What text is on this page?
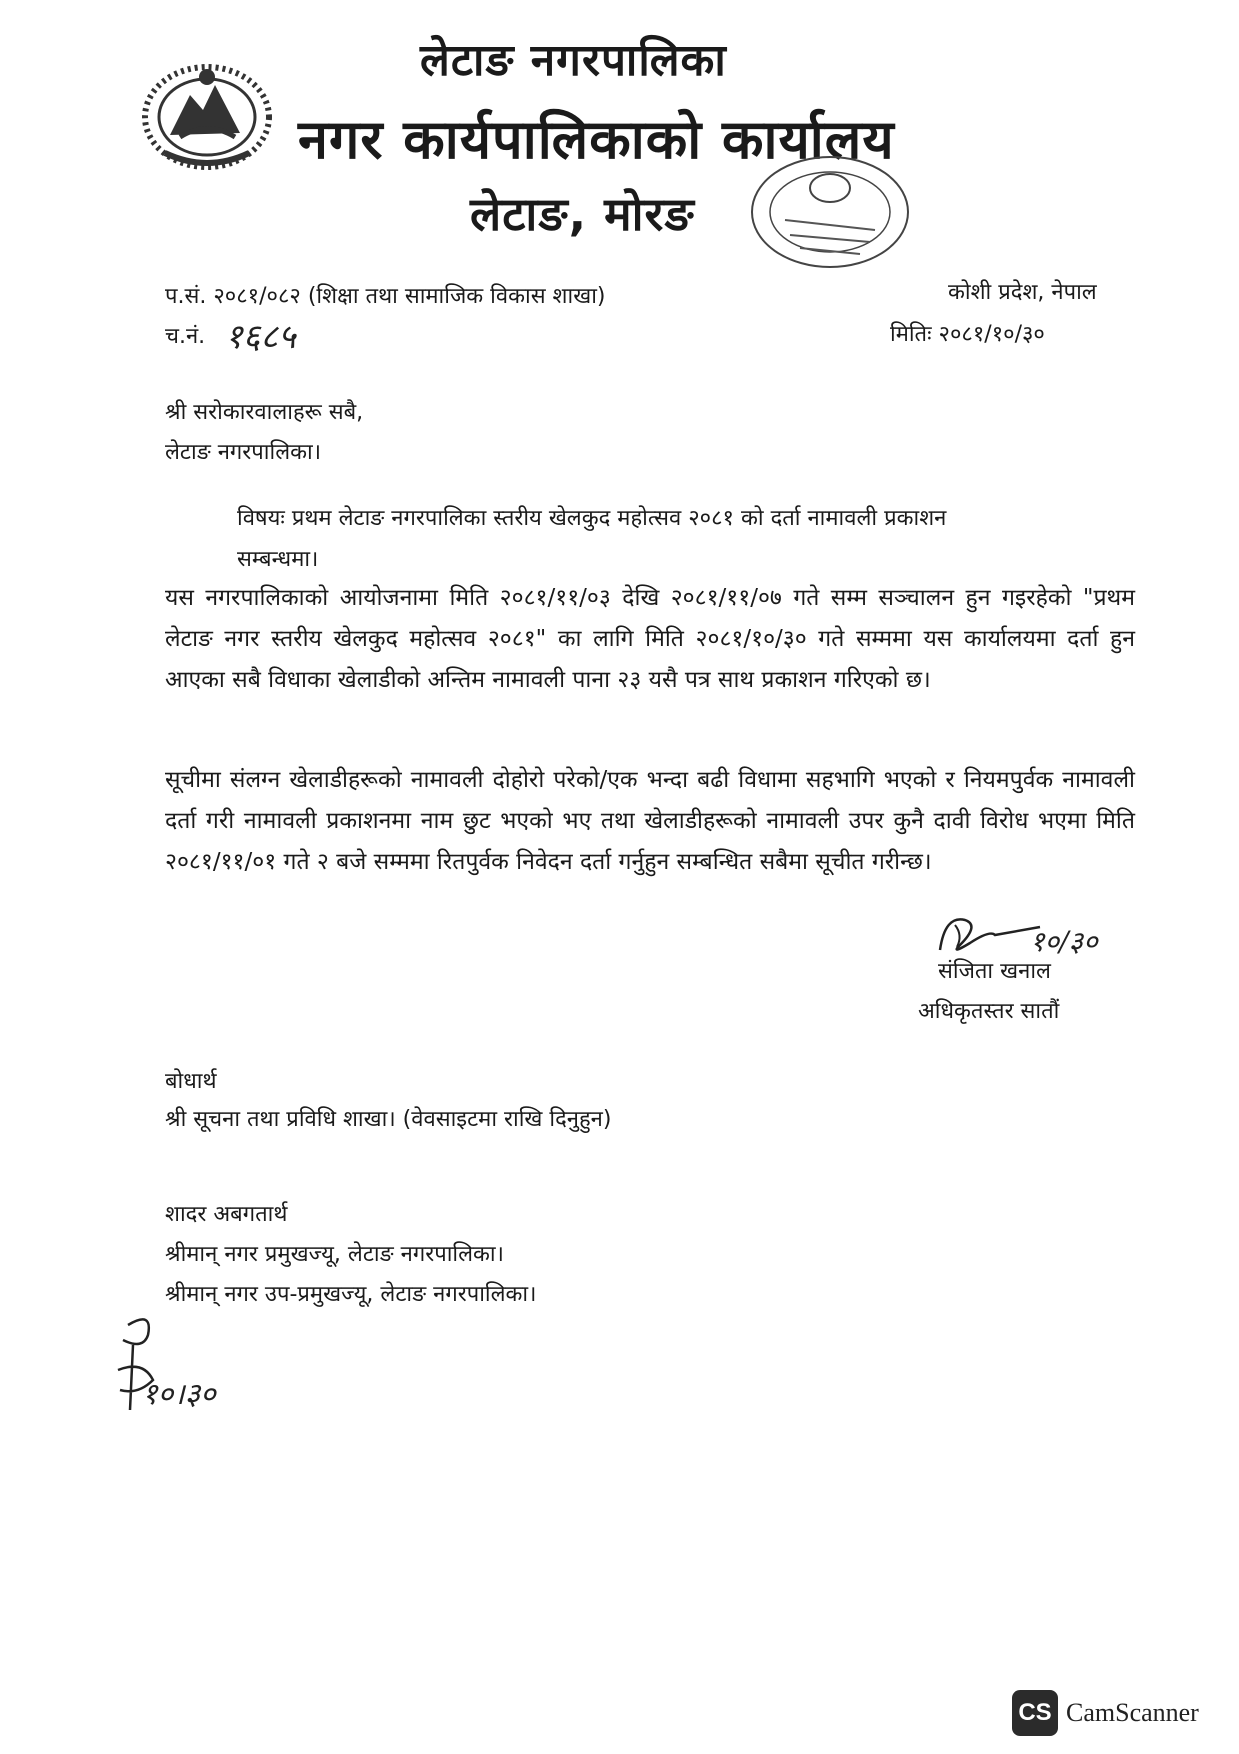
लेटाङ नगरपालिका
नगर कार्यपालिकाको कार्यालय
लेटाङ, मोरङ
प.सं. २०८१/०८२ (शिक्षा तथा सामाजिक विकास शाखा)	कोशी प्रदेश, नेपाल
च.नं. १६८५	मितिः २०८१/१०/३०
श्री सरोकारवालाहरू सबै,
लेटाङ नगरपालिका।
विषयः प्रथम लेटाङ नगरपालिका स्तरीय खेलकुद महोत्सव २०८१ को दर्ता नामावली प्रकाशन
सम्बन्धमा।
यस नगरपालिकाको आयोजनामा मिति २०८१/११/०३ देखि २०८१/११/०७ गते सम्म सञ्चालन हुन गइरहेको "प्रथम लेटाङ नगर स्तरीय खेलकुद महोत्सव २०८१" का लागि मिति २०८१/१०/३० गते सम्ममा यस कार्यालयमा दर्ता हुन आएका सबै विधाका खेलाडीको अन्तिम नामावली पाना २३ यसै पत्र साथ प्रकाशन गरिएको छ।
सूचीमा संलग्न खेलाडीहरूको नामावली दोहोरो परेको/एक भन्दा बढी विधामा सहभागि भएको र नियमपुर्वक नामावली दर्ता गरी नामावली प्रकाशनमा नाम छुट भएको भए तथा खेलाडीहरूको नामावली उपर कुनै दावी विरोध भएमा मिति २०८१/११/०१ गते २ बजे सम्ममा रितपुर्वक निवेदन दर्ता गर्नुहुन सम्बन्धित सबैमा सूचीत गरीन्छ।
१०/३०
संजिता खनाल
अधिकृतस्तर सातौं
बोधार्थ
श्री सूचना तथा प्रविधि शाखा। (वेवसाइटमा राखि दिनुहुन)
शादर अबगतार्थ
श्रीमान् नगर प्रमुखज्यू, लेटाङ नगरपालिका।
श्रीमान् नगर उप-प्रमुखज्यू, लेटाङ नगरपालिका।
१०।३०
CS CamScanner
